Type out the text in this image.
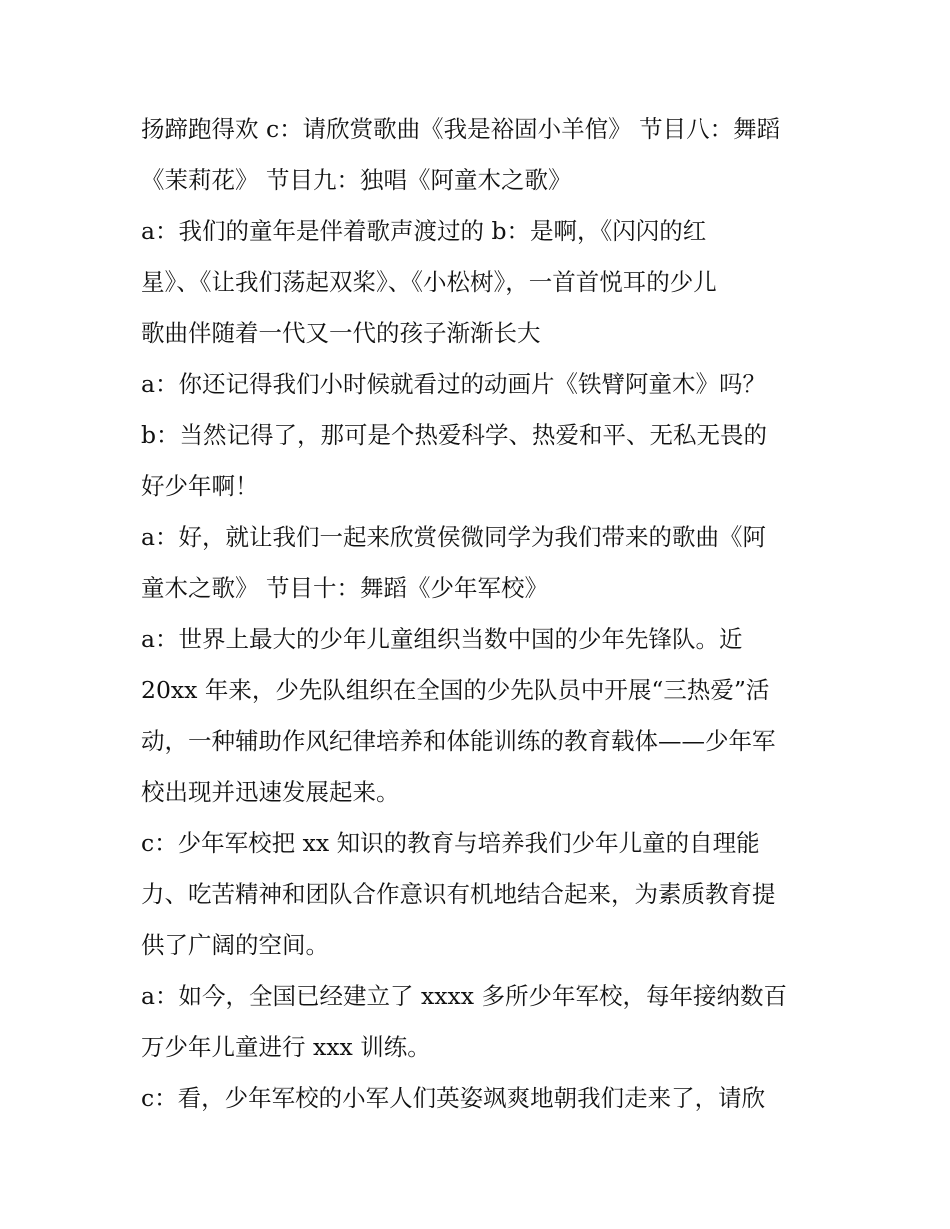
扬蹄跑得欢 c：请欣赏歌曲《我是裕固小羊倌》 节目八：舞蹈
《茉莉花》 节目九：独唱《阿童木之歌》
a：我们的童年是伴着歌声渡过的 b：是啊，《闪闪的红
星》、《让我们荡起双桨》、《小松树》，一首首悦耳的少儿
歌曲伴随着一代又一代的孩子渐渐长大
a：你还记得我们小时候就看过的动画片《铁臂阿童木》吗？
b：当然记得了，那可是个热爱科学、热爱和平、无私无畏的
好少年啊！
a：好，就让我们一起来欣赏侯微同学为我们带来的歌曲《阿
童木之歌》 节目十：舞蹈《少年军校》
a：世界上最大的少年儿童组织当数中国的少年先锋队。近
20xx 年来，少先队组织在全国的少先队员中开展“三热爱”活
动，一种辅助作风纪律培养和体能训练的教育载体——少年军
校出现并迅速发展起来。
c：少年军校把 xx 知识的教育与培养我们少年儿童的自理能
力、吃苦精神和团队合作意识有机地结合起来，为素质教育提
供了广阔的空间。
a：如今，全国已经建立了 xxxx 多所少年军校，每年接纳数百
万少年儿童进行 xxx 训练。
c：看，少年军校的小军人们英姿飒爽地朝我们走来了，请欣
